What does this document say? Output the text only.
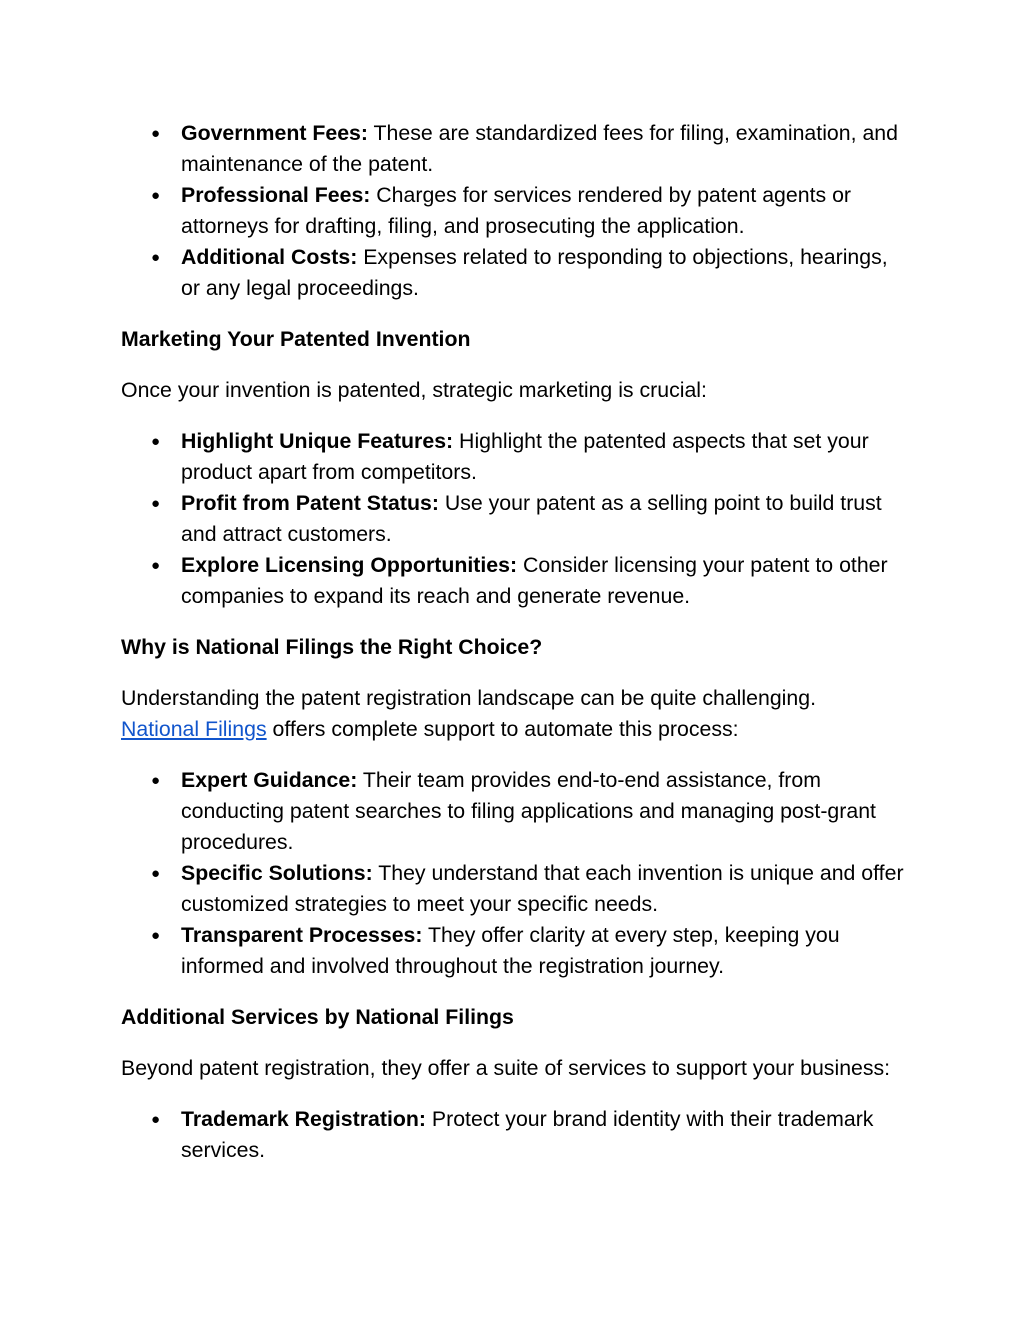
●
Government Fees: These are standardized fees for filing, examination, and maintenance of the patent.
●
Professional Fees: Charges for services rendered by patent agents or attorneys for drafting, filing, and prosecuting the application.
●
Additional Costs: Expenses related to responding to objections, hearings, or any legal proceedings.
Marketing Your Patented Invention

Once your invention is patented, strategic marketing is crucial:

●
Highlight Unique Features: Highlight the patented aspects that set your product apart from competitors.
●
Profit from Patent Status: Use your patent as a selling point to build trust and attract customers.
●
Explore Licensing Opportunities: Consider licensing your patent to other companies to expand its reach and generate revenue.
Why is National Filings the Right Choice?

Understanding the patent registration landscape can be quite challenging.
National Filings offers complete support to automate this process:

●
Expert Guidance: Their team provides end-to-end assistance, from conducting patent searches to filing applications and managing post-grant procedures.
●
Specific Solutions: They understand that each invention is unique and offer customized strategies to meet your specific needs.
●
Transparent Processes: They offer clarity at every step, keeping you informed and involved throughout the registration journey.
Additional Services by National Filings

Beyond patent registration, they offer a suite of services to support your business:

●
Trademark Registration: Protect your brand identity with their trademark services.
